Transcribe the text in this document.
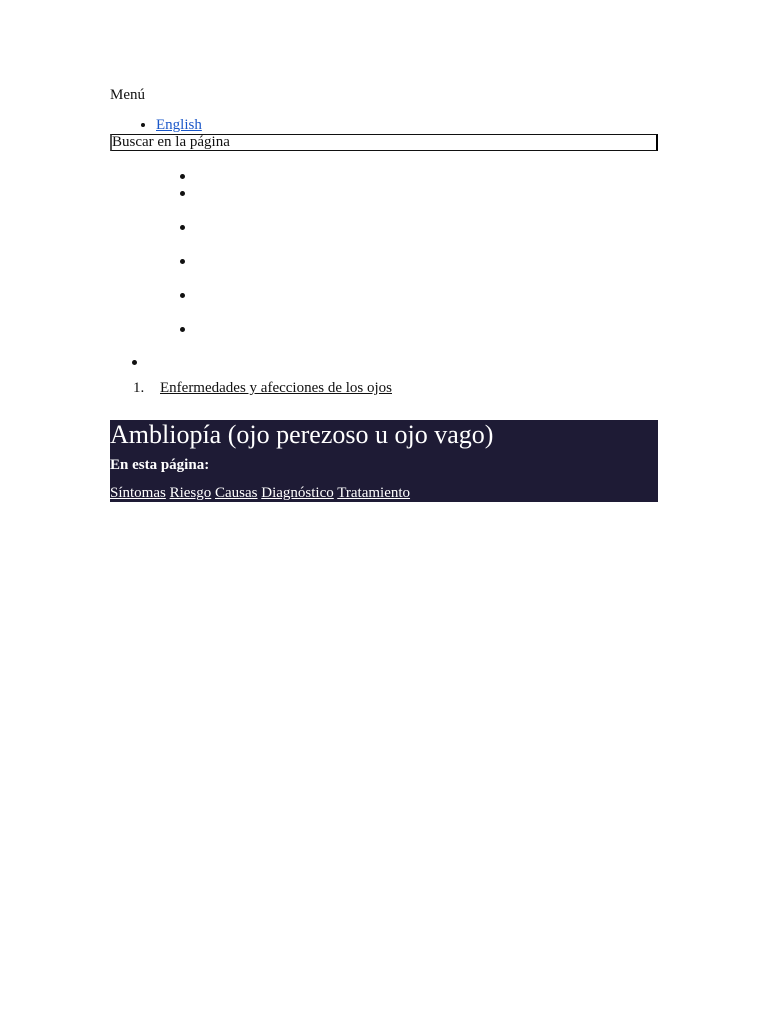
Menú

• English
Buscar en la página
1. Enfermedades y afecciones de los ojos
Ambliopía (ojo perezoso u ojo vago)

En esta página:

Síntomas Riesgo Causas Diagnóstico Tratamiento
